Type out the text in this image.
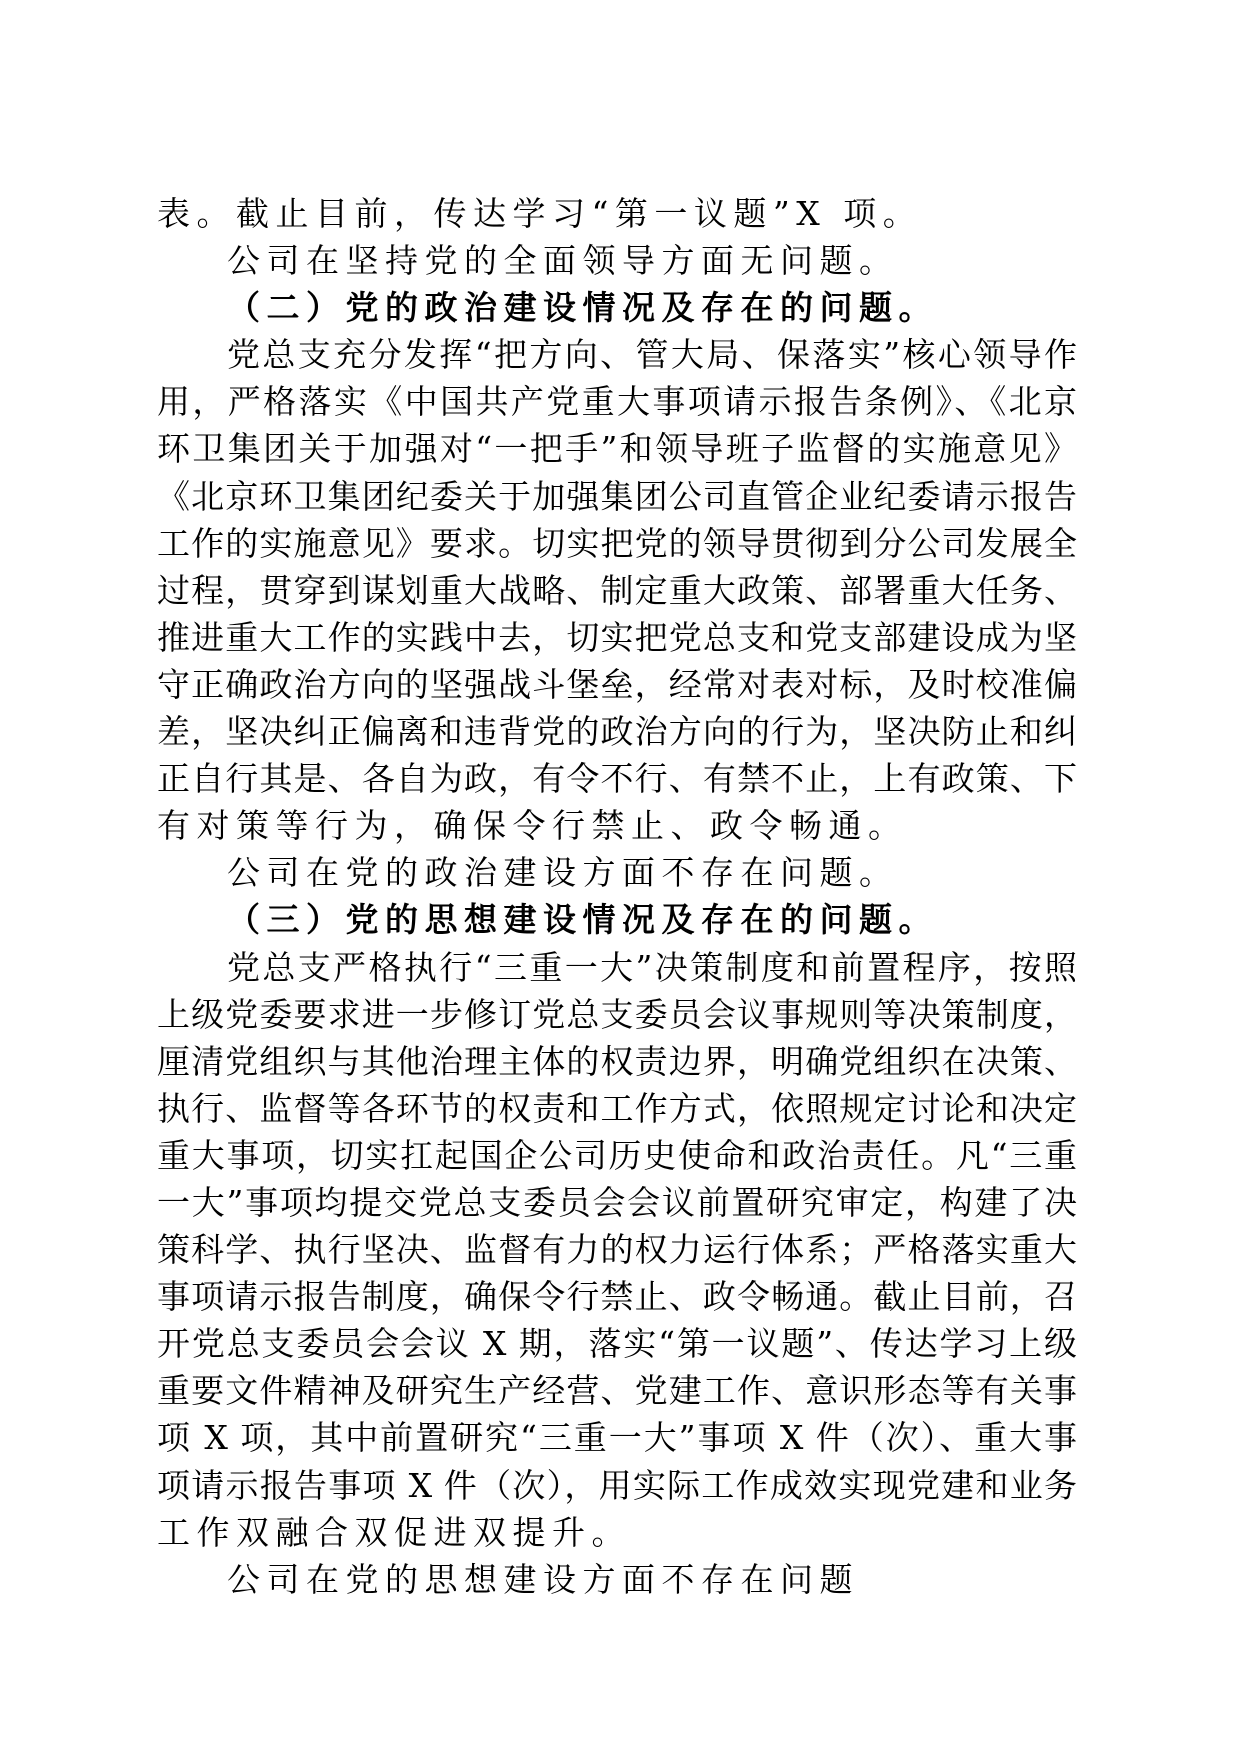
表。截止目前，传达学习“第一议题”X 项。
公司在坚持党的全面领导方面无问题。
（二）党的政治建设情况及存在的问题。
党总支充分发挥“把方向、管大局、保落实”核心领导作
用，严格落实《中国共产党重大事项请示报告条例》、《北京
环卫集团关于加强对“一把手”和领导班子监督的实施意见》
《北京环卫集团纪委关于加强集团公司直管企业纪委请示报告
工作的实施意见》要求。切实把党的领导贯彻到分公司发展全
过程，贯穿到谋划重大战略、制定重大政策、部署重大任务、
推进重大工作的实践中去，切实把党总支和党支部建设成为坚
守正确政治方向的坚强战斗堡垒，经常对表对标，及时校准偏
差，坚决纠正偏离和违背党的政治方向的行为，坚决防止和纠
正自行其是、各自为政，有令不行、有禁不止，上有政策、下
有对策等行为，确保令行禁止、政令畅通。
公司在党的政治建设方面不存在问题。
（三）党的思想建设情况及存在的问题。
党总支严格执行“三重一大”决策制度和前置程序，按照
上级党委要求进一步修订党总支委员会议事规则等决策制度，
厘清党组织与其他治理主体的权责边界，明确党组织在决策、
执行、监督等各环节的权责和工作方式，依照规定讨论和决定
重大事项，切实扛起国企公司历史使命和政治责任。凡“三重
一大”事项均提交党总支委员会会议前置研究审定，构建了决
策科学、执行坚决、监督有力的权力运行体系；严格落实重大
事项请示报告制度，确保令行禁止、政令畅通。截止目前，召
开党总支委员会会议 X 期，落实“第一议题”、传达学习上级
重要文件精神及研究生产经营、党建工作、意识形态等有关事
项 X 项，其中前置研究“三重一大”事项 X 件（次）、重大事
项请示报告事项 X 件（次），用实际工作成效实现党建和业务
工作双融合双促进双提升。
公司在党的思想建设方面不存在问题
